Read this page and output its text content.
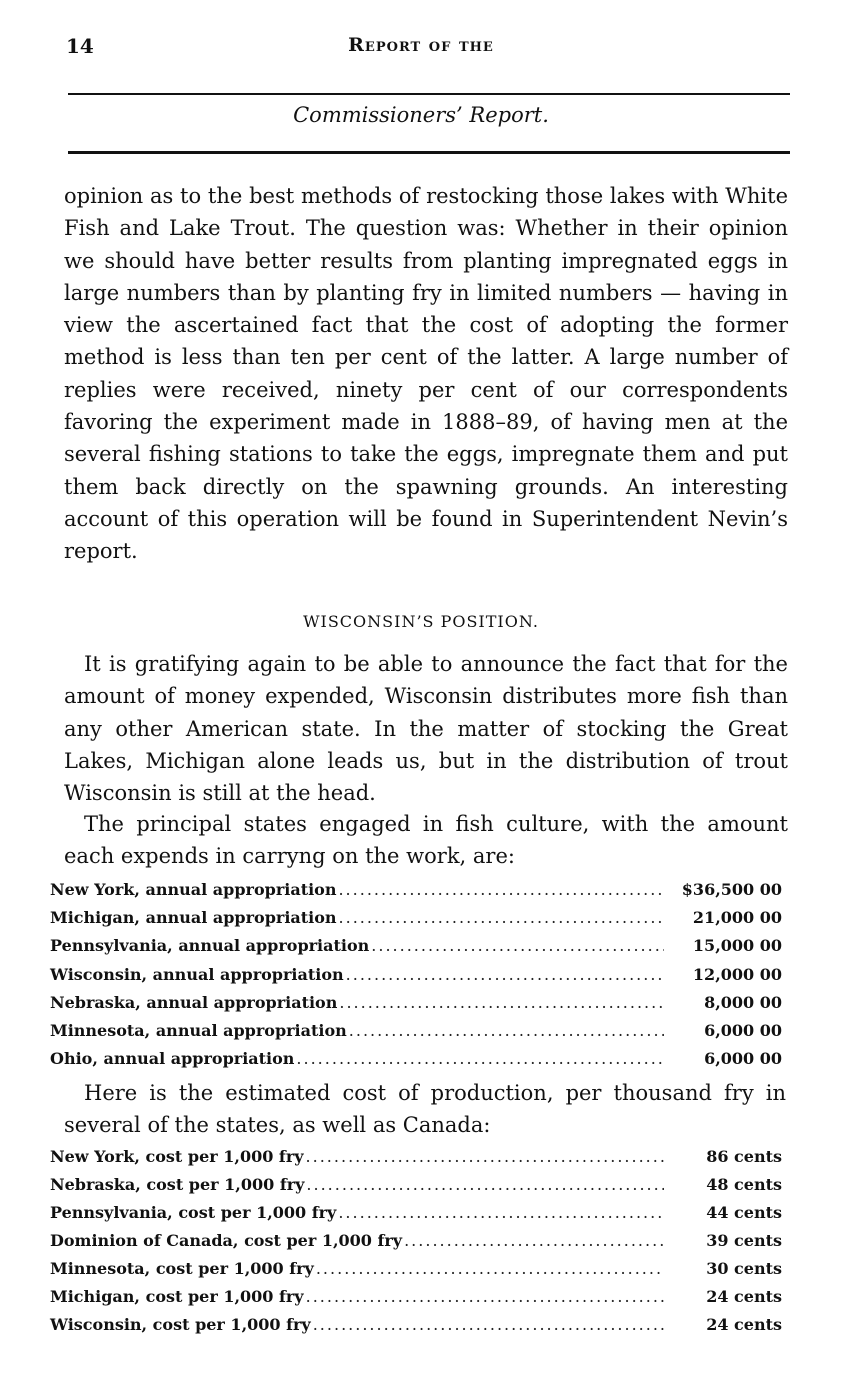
14	Report of the
Commissioners’ Report.

opinion as to the best methods of restocking those lakes with White Fish and Lake Trout. The question was: Whether in their opinion we should have better results from planting impregnated eggs in large numbers than by planting fry in limited numbers — having in view the ascertained fact that the cost of adopting the former method is less than ten per cent of the latter. A large number of replies were received, ninety per cent of our correspondents favoring the experiment made in 1888–89, of having men at the several fishing stations to take the eggs, impregnate them and put them back directly on the spawning grounds. An interesting account of this operation will be found in Superintendent Nevin’s report.

WISCONSIN’S POSITION.

It is gratifying again to be able to announce the fact that for the amount of money expended, Wisconsin distributes more fish than any other American state. In the matter of stocking the Great Lakes, Michigan alone leads us, but in the distribution of trout Wisconsin is still at the head.

The principal states engaged in fish culture, with the amount each expends in carryng on the work, are:

New York, annual appropriation .....	$36,500 00
Michigan, annual appropriation .....	21,000 00
Pennsylvania, annual appropriation .....	15,000 00
Wisconsin, annual appropriation .....	12,000 00
Nebraska, annual appropriation .....	8,000 00
Minnesota, annual appropriation .....	6,000 00
Ohio, annual appropriation .....	6,000 00

Here is the estimated cost of production, per thousand fry in several of the states, as well as Canada:

New York, cost per 1,000 fry .....	86 cents
Nebraska, cost per 1,000 fry .....	48 cents
Pennsylvania, cost per 1,000 fry .....	44 cents
Dominion of Canada, cost per 1,000 fry .....	39 cents
Minnesota, cost per 1,000 fry .....	30 cents
Michigan, cost per 1,000 fry .....	24 cents
Wisconsin, cost per 1,000 fry .....	24 cents
